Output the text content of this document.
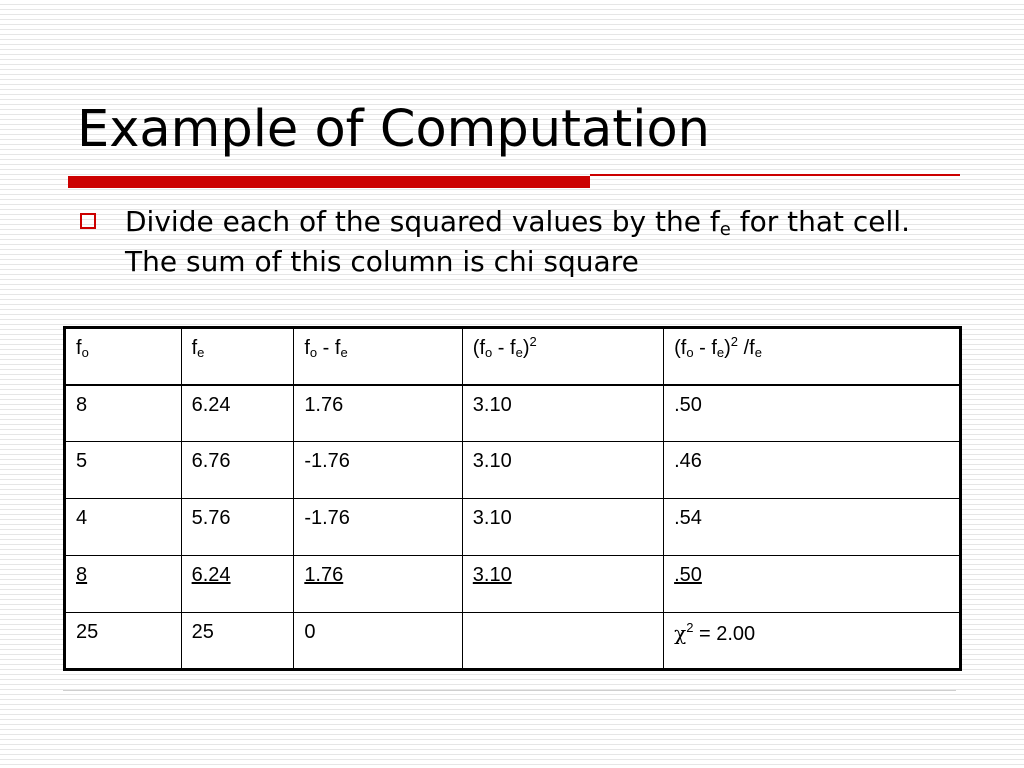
Example of Computation
Divide each of the squared values by the $f_e$ for that cell. The sum of this column is chi square
$f_o$	$f_e$	$f_o - f_e$	$(f_o - f_e)^2$	$(f_o - f_e)^2$ $/f_e$
8	6.24	1.76	3.10	.50
5	6.76	-1.76	3.10	.46
4	5.76	-1.76	3.10	.54
8	6.24	1.76	3.10	.50
25	25	0		$\chi^2 = 2.00$
